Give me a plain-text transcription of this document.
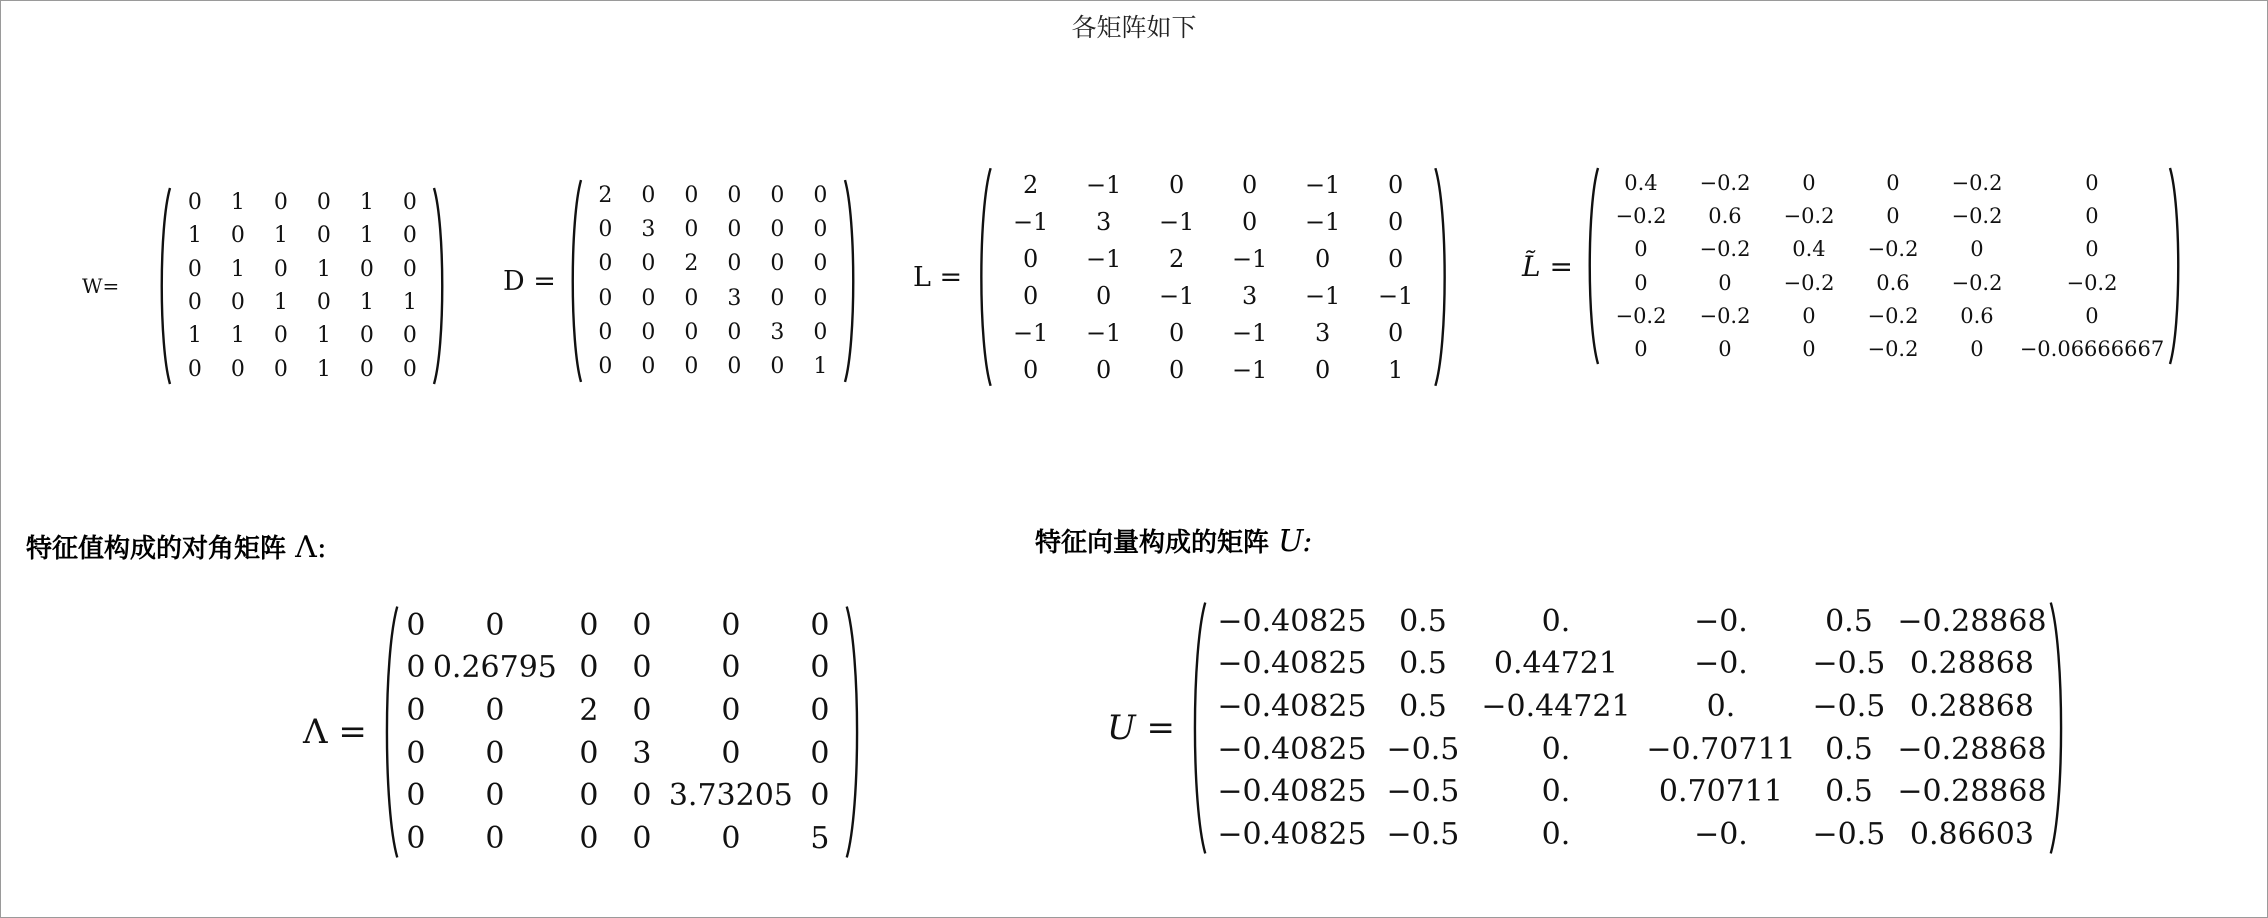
各矩阵如下
W=
0	1	0	0	1	0
1	0	1	0	1	0
0	1	0	1	0	0
0	0	1	0	1	1
1	1	0	1	0	0
0	0	0	1	0	0
D =
2	0	0	0	0	0
0	3	0	0	0	0
0	0	2	0	0	0
0	0	0	3	0	0
0	0	0	0	3	0
0	0	0	0	0	1
L =
2	−1	0	0	−1	0
−1	3	−1	0	−1	0
0	−1	2	−1	0	0
0	0	−1	3	−1	−1
−1	−1	0	−1	3	0
0	0	0	−1	0	1
L̃ =
0.4	−0.2	0	0	−0.2	0
−0.2	0.6	−0.2	0	−0.2	0
0	−0.2	0.4	−0.2	0	0
0	0	−0.2	0.6	−0.2	−0.2
−0.2	−0.2	0	−0.2	0.6	0
0	0	0	−0.2	0	−0.06666667
特征值构成的对角矩阵 Λ:	特征向量构成的矩阵 U:
Λ =
0	0	0	0	0	0
0	0.26795	0	0	0	0
0	0	2	0	0	0
0	0	0	3	0	0
0	0	0	0	3.73205	0
0	0	0	0	0	5
U =
−0.40825	0.5	0.	−0.	0.5	−0.28868
−0.40825	0.5	0.44721	−0.	−0.5	0.28868
−0.40825	0.5	−0.44721	0.	−0.5	0.28868
−0.40825	−0.5	0.	−0.70711	0.5	−0.28868
−0.40825	−0.5	0.	0.70711	0.5	−0.28868
−0.40825	−0.5	0.	−0.	−0.5	0.86603
